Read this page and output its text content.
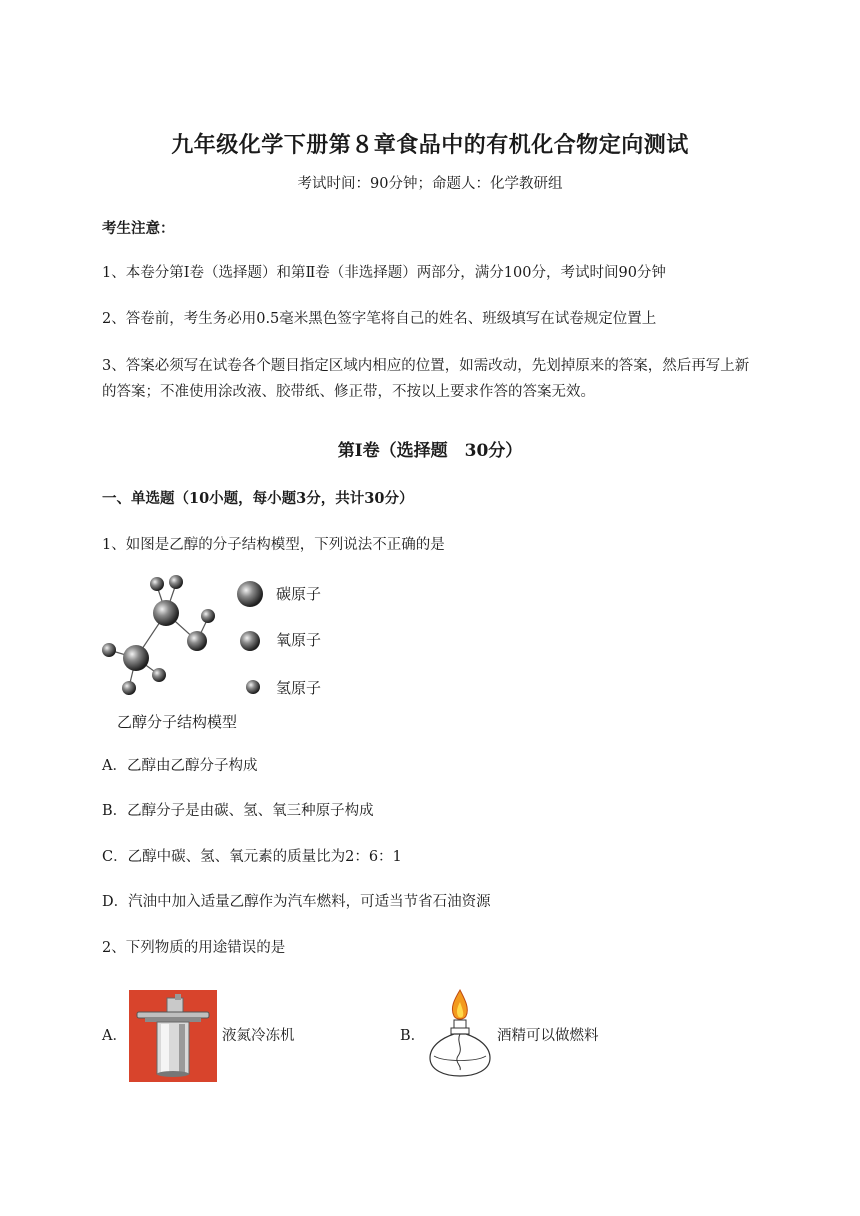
九年级化学下册第８章食品中的有机化合物定向测试
考试时间：90分钟；命题人：化学教研组
考生注意：
1、本卷分第Ⅰ卷（选择题）和第Ⅱ卷（非选择题）两部分，满分100分，考试时间90分钟
2、答卷前，考生务必用0.5毫米黑色签字笔将自己的姓名、班级填写在试卷规定位置上
3、答案必须写在试卷各个题目指定区域内相应的位置，如需改动，先划掉原来的答案，然后再写上新
的答案；不准使用涂改液、胶带纸、修正带，不按以上要求作答的答案无效。
第Ⅰ卷（选择题　30分）
一、单选题（10小题，每小题3分，共计30分）
1、如图是乙醇的分子结构模型，下列说法不正确的是
碳原子
氧原子
氢原子
乙醇分子结构模型
A．乙醇由乙醇分子构成
B．乙醇分子是由碳、氢、氧三种原子构成
C．乙醇中碳、氢、氧元素的质量比为2：6：1
D．汽油中加入适量乙醇作为汽车燃料，可适当节省石油资源
2、下列物质的用途错误的是
A．	液氮冷冻机	B．	酒精可以做燃料
